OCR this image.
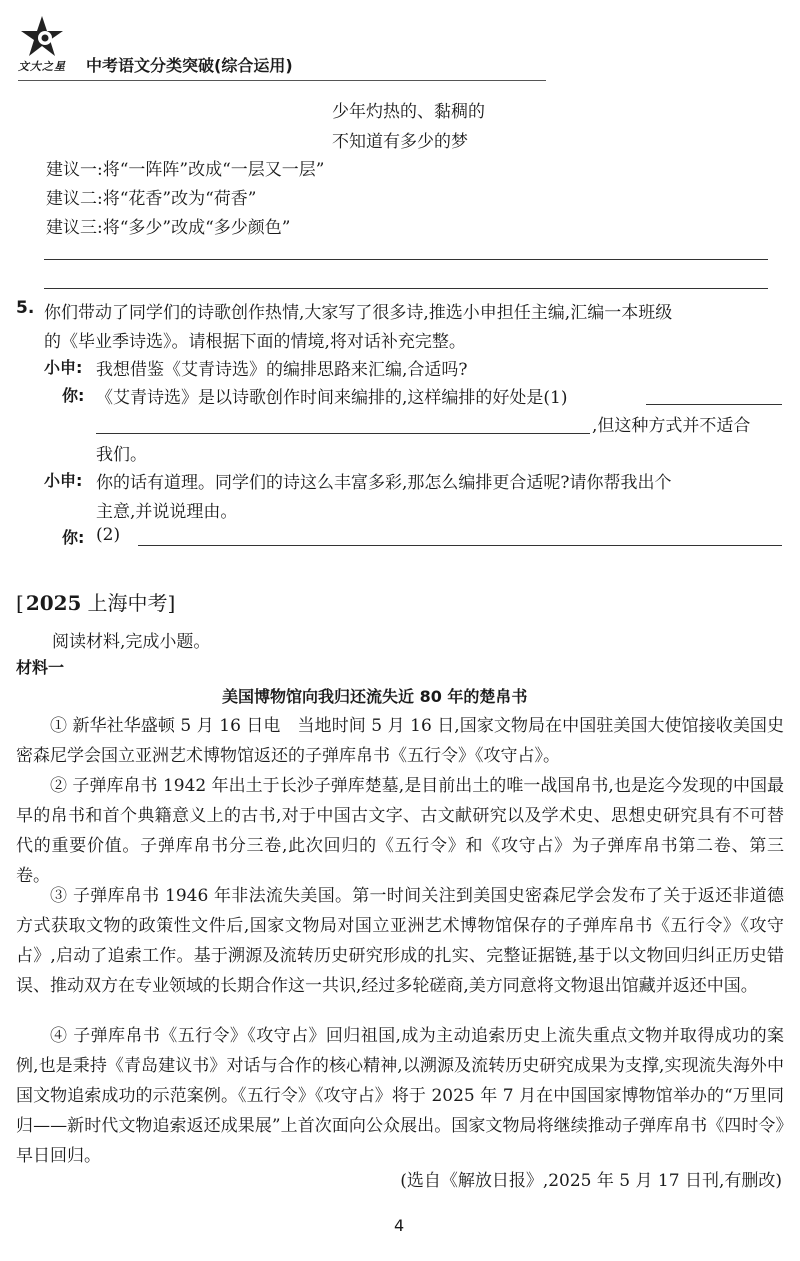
文大之星 中考语文分类突破(综合运用)
少年灼热的、黏稠的
不知道有多少的梦
建议一:将“一阵阵”改成“一层又一层”
建议二:将“花香”改为“荷香”
建议三:将“多少”改成“多少颜色”
5. 你们带动了同学们的诗歌创作热情,大家写了很多诗,推选小申担任主编,汇编一本班级
的《毕业季诗选》。请根据下面的情境,将对话补充完整。
小申: 我想借鉴《艾青诗选》的编排思路来汇编,合适吗?
你: 《艾青诗选》是以诗歌创作时间来编排的,这样编排的好处是(1)
,但这种方式并不适合
我们。
小申: 你的话有道理。同学们的诗这么丰富多彩,那怎么编排更合适呢?请你帮我出个
主意,并说说理由。
你: (2)
[ 2025 上海中考]
阅读材料,完成小题。
材料一
美国博物馆向我归还流失近 80 年的楚帛书
① 新华社华盛顿 5 月 16 日电　当地时间 5 月 16 日,国家文物局在中国驻美国大使馆接收美国史密森尼学会国立亚洲艺术博物馆返还的子弹库帛书《五行令》《攻守占》。
② 子弹库帛书 1942 年出土于长沙子弹库楚墓,是目前出土的唯一战国帛书,也是迄今发现的中国最早的帛书和首个典籍意义上的古书,对于中国古文字、古文献研究以及学术史、思想史研究具有不可替代的重要价值。子弹库帛书分三卷,此次回归的《五行令》和《攻守占》为子弹库帛书第二卷、第三卷。
③ 子弹库帛书 1946 年非法流失美国。第一时间关注到美国史密森尼学会发布了关于返还非道德方式获取文物的政策性文件后,国家文物局对国立亚洲艺术博物馆保存的子弹库帛书《五行令》《攻守占》,启动了追索工作。基于溯源及流转历史研究形成的扎实、完整证据链,基于以文物回归纠正历史错误、推动双方在专业领域的长期合作这一共识,经过多轮磋商,美方同意将文物退出馆藏并返还中国。
④ 子弹库帛书《五行令》《攻守占》回归祖国,成为主动追索历史上流失重点文物并取得成功的案例,也是秉持《青岛建议书》对话与合作的核心精神,以溯源及流转历史研究成果为支撑,实现流失海外中国文物追索成功的示范案例。《五行令》《攻守占》将于 2025 年 7 月在中国国家博物馆举办的“万里同归——新时代文物追索返还成果展”上首次面向公众展出。国家文物局将继续推动子弹库帛书《四时令》早日回归。
(选自《解放日报》,2025 年 5 月 17 日刊,有删改)
4
